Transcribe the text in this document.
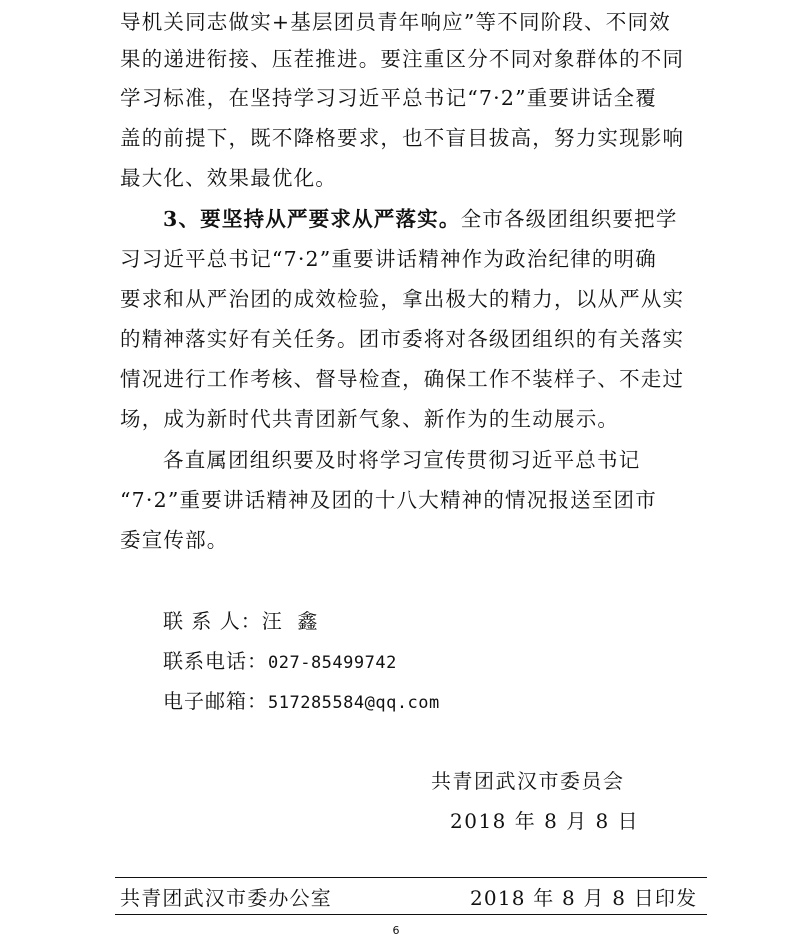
导机关同志做实+基层团员青年响应”等不同阶段、不同效
果的递进衔接、压茬推进。要注重区分不同对象群体的不同
学习标准，在坚持学习习近平总书记“7·2”重要讲话全覆
盖的前提下，既不降格要求，也不盲目拔高，努力实现影响
最大化、效果最优化。
3、要坚持从严要求从严落实。全市各级团组织要把学
习习近平总书记“7·2”重要讲话精神作为政治纪律的明确
要求和从严治团的成效检验，拿出极大的精力，以从严从实
的精神落实好有关任务。团市委将对各级团组织的有关落实
情况进行工作考核、督导检查，确保工作不装样子、不走过
场，成为新时代共青团新气象、新作为的生动展示。
各直属团组织要及时将学习宣传贯彻习近平总书记
“7·2”重要讲话精神及团的十八大精神的情况报送至团市
委宣传部。
联 系 人：汪  鑫
联系电话：027-85499742
电子邮箱：517285584@qq.com
共青团武汉市委员会
2018 年 8 月 8 日
共青团武汉市委办公室	2018 年 8 月 8 日印发
6
